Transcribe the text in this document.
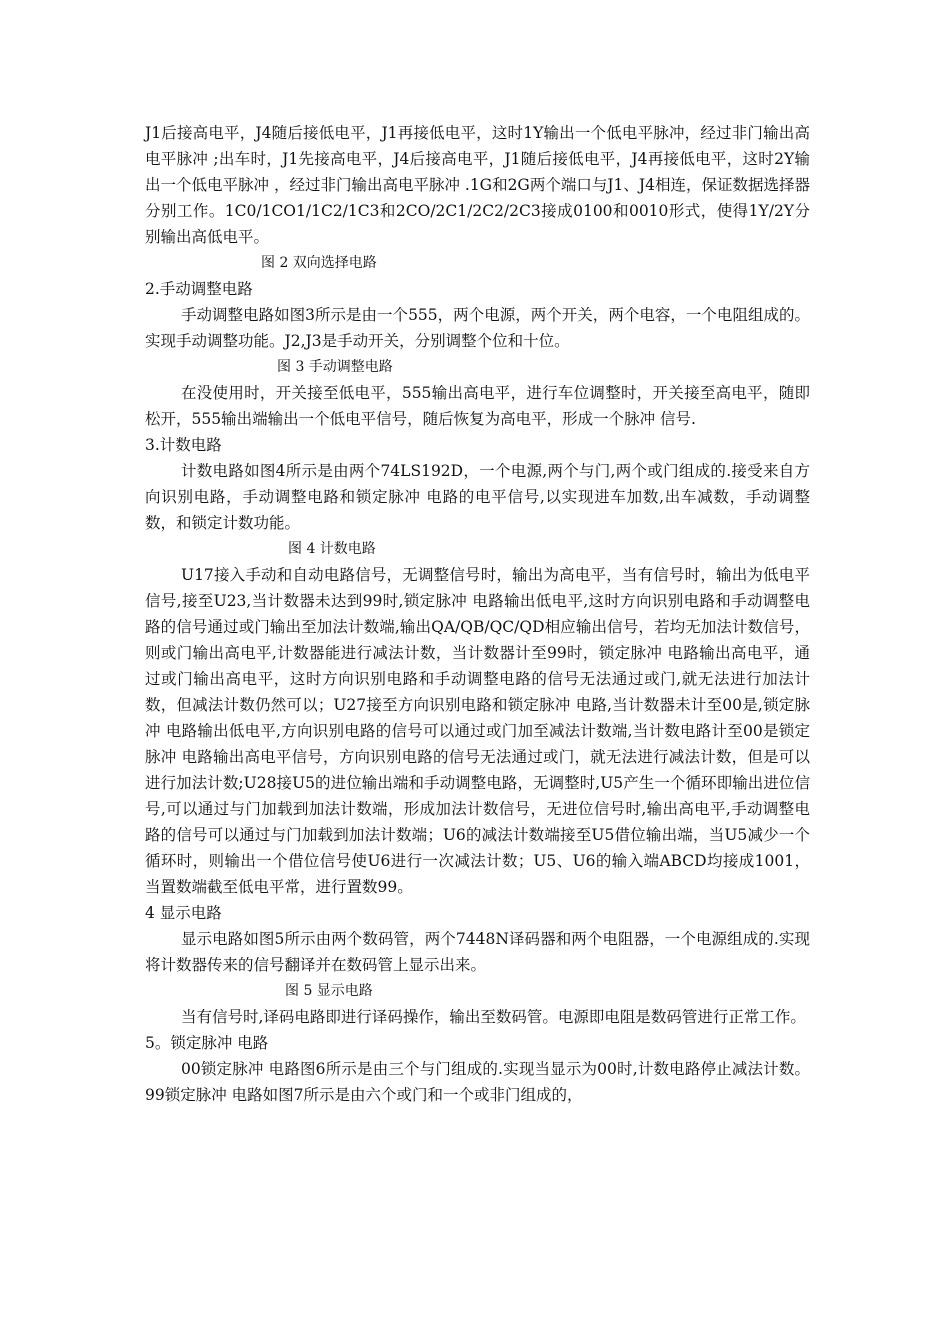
J1后接高电平，J4随后接低电平，J1再接低电平，这时1Y输出一个低电平脉冲，经过非门输出高电平脉冲 ;出车时，J1先接高电平，J4后接高电平，J1随后接低电平，J4再接低电平，这时2Y输出一个低电平脉冲 ，经过非门输出高电平脉冲 .1G和2G两个端口与J1、J4相连，保证数据选择器分别工作。1C0/1CO1/1C2/1C3和2CO/2C1/2C2/2C3接成0100和0010形式，使得1Y/2Y分别输出高低电平。

图 2 双向选择电路

2.手动调整电路

手动调整电路如图3所示是由一个555，两个电源，两个开关，两个电容，一个电阻组成的。实现手动调整功能。J2,J3是手动开关，分别调整个位和十位。

图 3 手动调整电路

在没使用时，开关接至低电平，555输出高电平，进行车位调整时，开关接至高电平，随即松开，555输出端输出一个低电平信号，随后恢复为高电平，形成一个脉冲 信号.

3.计数电路

计数电路如图4所示是由两个74LS192D，一个电源,两个与门,两个或门组成的.接受来自方向识别电路，手动调整电路和锁定脉冲 电路的电平信号,以实现进车加数,出车减数，手动调整数，和锁定计数功能。

图 4 计数电路

U17接入手动和自动电路信号，无调整信号时，输出为高电平，当有信号时，输出为低电平信号,接至U23,当计数器未达到99时,锁定脉冲 电路输出低电平,这时方向识别电路和手动调整电路的信号通过或门输出至加法计数端,输出QA/QB/QC/QD相应输出信号，若均无加法计数信号，则或门输出高电平,计数器能进行减法计数，当计数器计至99时，锁定脉冲 电路输出高电平，通过或门输出高电平，这时方向识别电路和手动调整电路的信号无法通过或门,就无法进行加法计数，但减法计数仍然可以；U27接至方向识别电路和锁定脉冲 电路,当计数器未计至00是,锁定脉冲 电路输出低电平,方向识别电路的信号可以通过或门加至减法计数端,当计数电路计至00是锁定脉冲 电路输出高电平信号，方向识别电路的信号无法通过或门，就无法进行减法计数，但是可以进行加法计数;U28接U5的进位输出端和手动调整电路，无调整时,U5产生一个循环即输出进位信号,可以通过与门加载到加法计数端，形成加法计数信号，无进位信号时,输出高电平,手动调整电路的信号可以通过与门加载到加法计数端；U6的减法计数端接至U5借位输出端，当U5减少一个循环时，则输出一个借位信号使U6进行一次减法计数；U5、U6的输入端ABCD均接成1001，当置数端截至低电平常，进行置数99。

4 显示电路

显示电路如图5所示由两个数码管，两个7448N译码器和两个电阻器，一个电源组成的.实现将计数器传来的信号翻译并在数码管上显示出来。

图 5 显示电路

当有信号时,译码电路即进行译码操作，输出至数码管。电源即电阻是数码管进行正常工作。

5。锁定脉冲 电路

00锁定脉冲 电路图6所示是由三个与门组成的.实现当显示为00时,计数电路停止减法计数。99锁定脉冲 电路如图7所示是由六个或门和一个或非门组成的，
